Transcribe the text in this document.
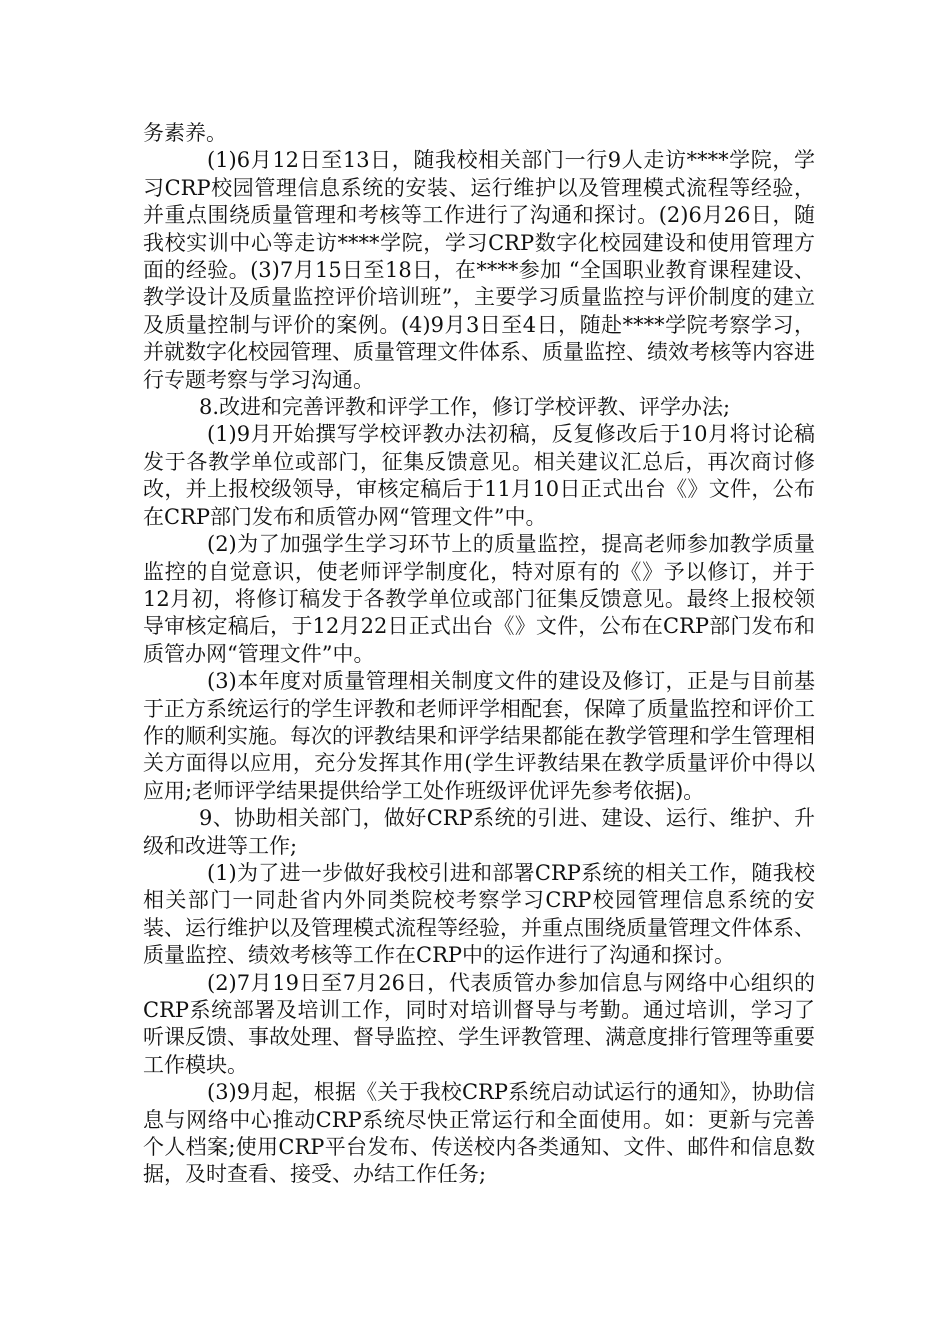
务素养。

(1)6月12日至13日，随我校相关部门一行9人走访****学院，学习CRP校园管理信息系统的安装、运行维护以及管理模式流程等经验，并重点围绕质量管理和考核等工作进行了沟通和探讨。(2)6月26日，随我校实训中心等走访****学院，学习CRP数字化校园建设和使用管理方面的经验。(3)7月15日至18日，在****参加 “全国职业教育课程建设、教学设计及质量监控评价培训班”，主要学习质量监控与评价制度的建立及质量控制与评价的案例。(4)9月3日至4日，随赴****学院考察学习，并就数字化校园管理、质量管理文件体系、质量监控、绩效考核等内容进行专题考察与学习沟通。

8.改进和完善评教和评学工作，修订学校评教、评学办法;

(1)9月开始撰写学校评教办法初稿，反复修改后于10月将讨论稿发于各教学单位或部门，征集反馈意见。相关建议汇总后，再次商讨修改，并上报校级领导，审核定稿后于11月10日正式出台《》文件，公布在CRP部门发布和质管办网“管理文件”中。

(2)为了加强学生学习环节上的质量监控，提高老师参加教学质量监控的自觉意识，使老师评学制度化，特对原有的《》予以修订，并于12月初，将修订稿发于各教学单位或部门征集反馈意见。最终上报校领导审核定稿后，于12月22日正式出台《》文件，公布在CRP部门发布和质管办网“管理文件”中。

(3)本年度对质量管理相关制度文件的建设及修订，正是与目前基于正方系统运行的学生评教和老师评学相配套，保障了质量监控和评价工作的顺利实施。每次的评教结果和评学结果都能在教学管理和学生管理相关方面得以应用，充分发挥其作用(学生评教结果在教学质量评价中得以应用;老师评学结果提供给学工处作班级评优评先参考依据)。

9、协助相关部门，做好CRP系统的引进、建设、运行、维护、升级和改进等工作;

(1)为了进一步做好我校引进和部署CRP系统的相关工作，随我校相关部门一同赴省内外同类院校考察学习CRP校园管理信息系统的安装、运行维护以及管理模式流程等经验，并重点围绕质量管理文件体系、质量监控、绩效考核等工作在CRP中的运作进行了沟通和探讨。

(2)7月19日至7月26日，代表质管办参加信息与网络中心组织的CRP系统部署及培训工作，同时对培训督导与考勤。通过培训，学习了听课反馈、事故处理、督导监控、学生评教管理、满意度排行管理等重要工作模块。

(3)9月起，根据《关于我校CRP系统启动试运行的通知》，协助信息与网络中心推动CRP系统尽快正常运行和全面使用。如：更新与完善个人档案;使用CRP平台发布、传送校内各类通知、文件、邮件和信息数据，及时查看、接受、办结工作任务;
